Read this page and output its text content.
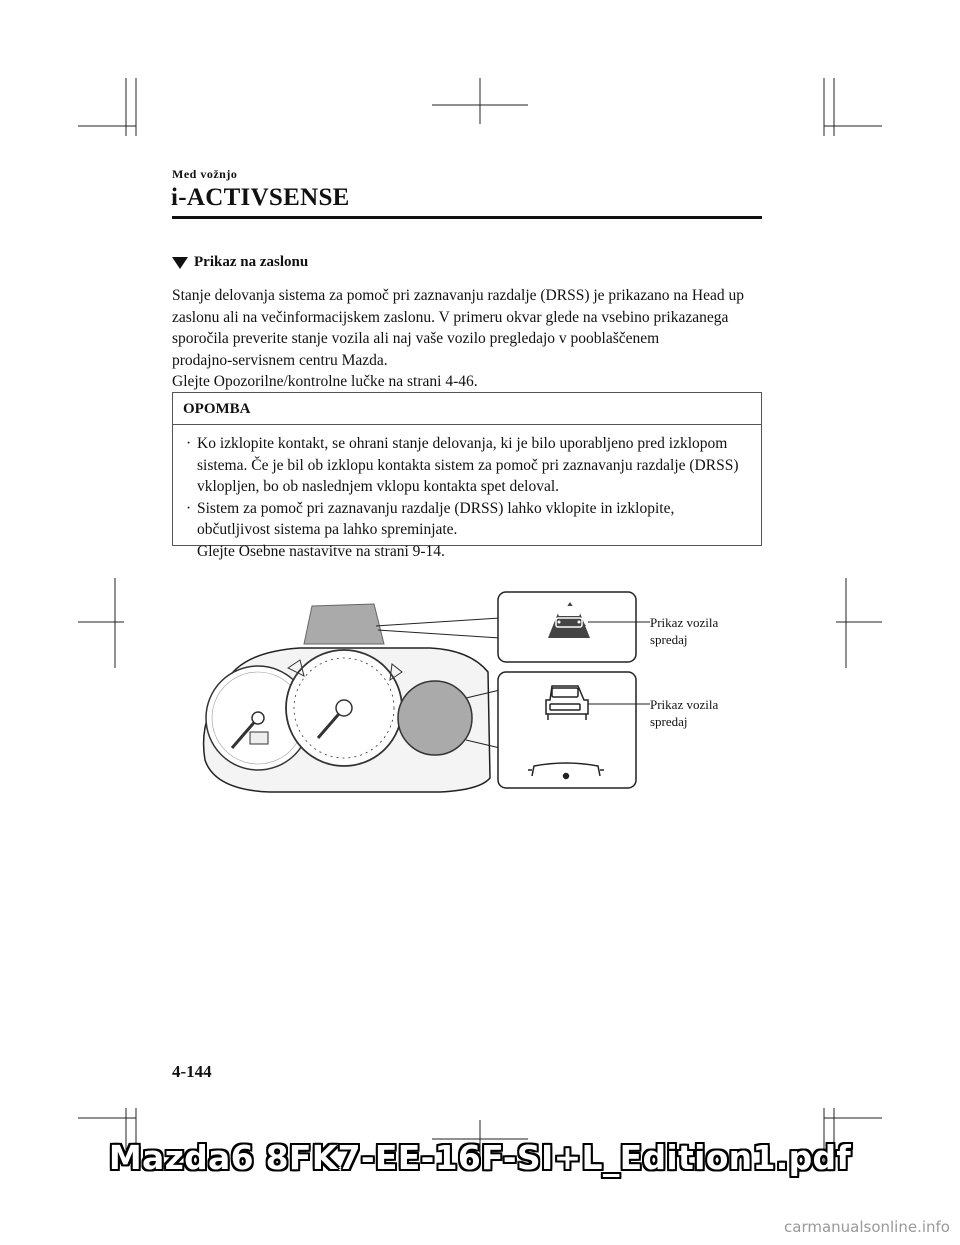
Med vožnjo
i-ACTIVSENSE
Prikaz na zaslonu
Stanje delovanja sistema za pomoč pri zaznavanju razdalje (DRSS) je prikazano na Head up
zaslonu ali na večinformacijskem zaslonu. V primeru okvar glede na vsebino prikazanega
sporočila preverite stanje vozila ali naj vaše vozilo pregledajo v pooblaščenem
prodajno-servisnem centru Mazda.
Glejte Opozorilne/kontrolne lučke na strani 4-46.
OPOMBA
· Ko izklopite kontakt, se ohrani stanje delovanja, ki je bilo uporabljeno pred izklopom
sistema. Če je bil ob izklopu kontakta sistem za pomoč pri zaznavanju razdalje (DRSS)
vklopljen, bo ob naslednjem vklopu kontakta spet deloval.
· Sistem za pomoč pri zaznavanju razdalje (DRSS) lahko vklopite in izklopite,
občutljivost sistema pa lahko spreminjate.
Glejte Osebne nastavitve na strani 9-14.
Prikaz vozila
spredaj
Prikaz vozila
spredaj
4-144
Mazda6 8FK7-EE-16F-SI+L_Edition1.pdf
carmanualsonline.info
